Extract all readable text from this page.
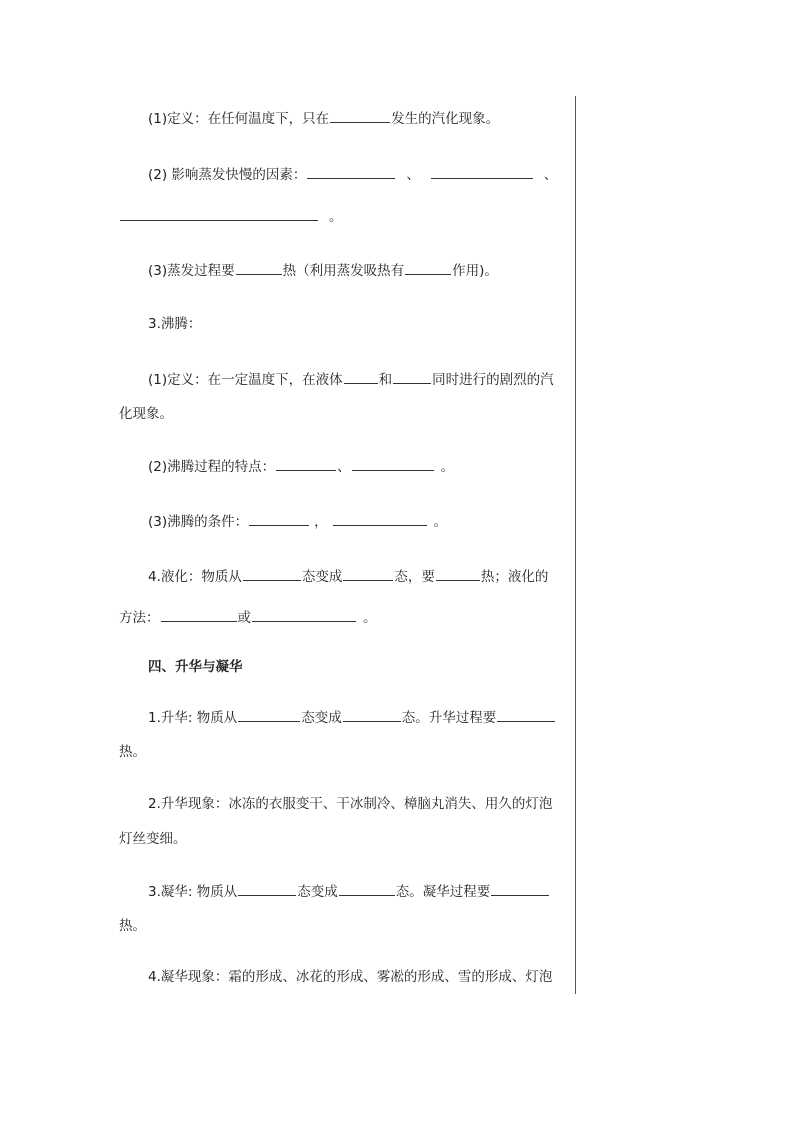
(1)定义：在任何温度下，只在	发生的汽化现象。
(2) 影响蒸发快慢的因素：	、	、
。
(3)蒸发过程要	热（利用蒸发吸热有	作用)。
3.沸腾：
(1)定义：在一定温度下，在液体	和	同时进行的剧烈的汽
化现象。
(2)沸腾过程的特点：	、	。
(3)沸腾的条件：	，	。
4.液化：物质从	态变成	态，要	热；液化的
方法：	或	。
四、升华与凝华
1.升华: 物质从	态变成	态。升华过程要
热。
2.升华现象：冰冻的衣服变干、干冰制冷、樟脑丸消失、用久的灯泡
灯丝变细。
3.凝华: 物质从	态变成	态。凝华过程要
热。
4.凝华现象：霜的形成、冰花的形成、雾凇的形成、雪的形成、灯泡
